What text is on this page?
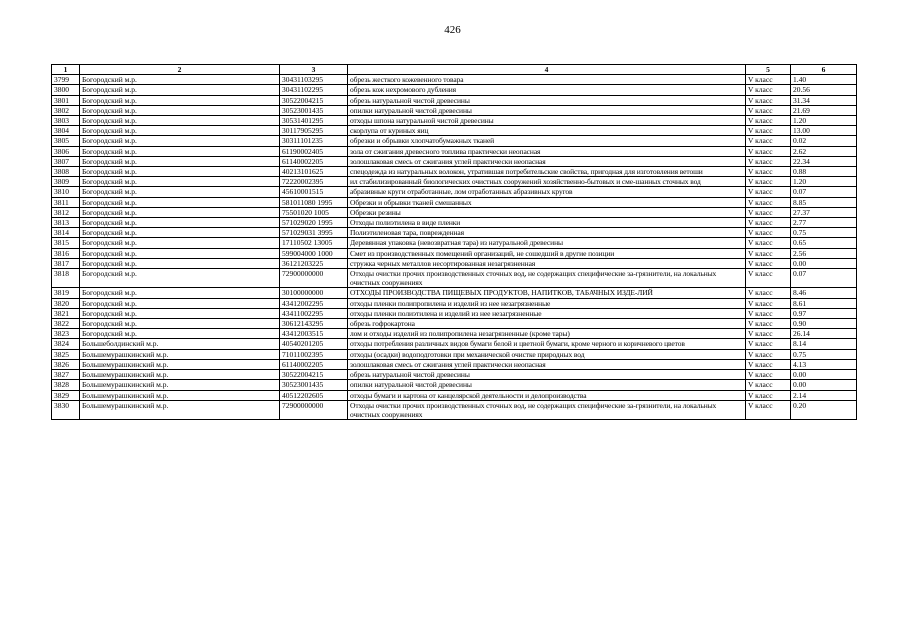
426
1	2	3	4	5	6
3799	Богородский м.р.	30431103295	обрезь жесткого кожевенного товара	V класс	1.40
3800	Богородский м.р.	30431102295	обрезь кож нехромового дубления	V класс	20.56
3801	Богородский м.р.	30522004215	обрезь натуральной чистой древесины	V класс	31.34
3802	Богородский м.р.	30523001435	опилки натуральной чистой древесины	V класс	21.69
3803	Богородский м.р.	30531401295	отходы шпона натуральной чистой древесины	V класс	1.20
3804	Богородский м.р.	30117905295	скорлупа от куриных яиц	V класс	13.00
3805	Богородский м.р.	30311101235	обрезки и обрывки хлопчатобумажных тканей	V класс	0.02
3806	Богородский м.р.	61190002405	зола от сжигания древесного топлива практически неопасная	V класс	2.62
3807	Богородский м.р.	61140002205	золошлаковая смесь от сжигания углей практически неопасная	V класс	22.34
3808	Богородский м.р.	40213101625	спецодежда из натуральных волокон, утратившая потребительские свойства, пригодная для изготовления ветоши	V класс	0.88
3809	Богородский м.р.	72220002395	ил стабилизированный биологических очистных сооружений хозяйственно-бытовых и сме-шанных сточных вод	V класс	1.20
3810	Богородский м.р.	45610001515	абразивные круги отработанные, лом отработанных абразивных кругов	V класс	0.07
3811	Богородский м.р.	581011080 1995	Обрезки и обрывки тканей смешанных	V класс	8.85
3812	Богородский м.р.	75501020 1005	Обрезки резины	V класс	27.37
3813	Богородский м.р.	571029020 1995	Отходы полиэтилена в виде пленки	V класс	2.77
3814	Богородский м.р.	571029031 3995	Полиэтиленовая тара, поврежденная	V класс	0.75
3815	Богородский м.р.	17110502 13005	Деревянная упаковка (невозвратная тара) из натуральной древесины	V класс	0.65
3816	Богородский м.р.	599004000 1000	Смет из производственных помещений организаций, не сошедший в другие позиции	V класс	2.56
3817	Богородский м.р.	36121203225	стружка черных металлов несортированная незагрязненная	V класс	0.00
3818	Богородский м.р.	72900000000	Отходы очистки прочих производственных сточных вод, не содержащих специфические за-грязнители, на локальных очистных сооружениях	V класс	0.07
3819	Богородский м.р.	30100000000	ОТХОДЫ ПРОИЗВОДСТВА ПИЩЕВЫХ ПРОДУКТОВ, НАПИТКОВ, ТАБАЧНЫХ ИЗДЕ-ЛИЙ	V класс	8.46
3820	Богородский м.р.	43412002295	отходы пленки полипропилена и изделий из нее незагрязненные	V класс	8.61
3821	Богородский м.р.	43411002295	отходы пленки полиэтилена и изделий из нее незагрязненные	V класс	0.97
3822	Богородский м.р.	30612143295	обрезь гофрокартона	V класс	0.90
3823	Богородский м.р.	43412003515	лом и отходы изделий из полипропилена незагрязненные (кроме тары)	V класс	26.14
3824	Большеболдинский м.р.	40540201205	отходы потребления различных видов бумаги белой и цветной бумаги, кроме черного и коричневого цветов	V класс	8.14
3825	Большемурашкинский м.р.	71011002395	отходы (осадки) водоподготовки при механической очистке природных вод	V класс	0.75
3826	Большемурашкинский м.р.	61140002205	золошлаковая смесь от сжигания углей практически неопасная	V класс	4.13
3827	Большемурашкинский м.р.	30522004215	обрезь натуральной чистой древесины	V класс	0.00
3828	Большемурашкинский м.р.	30523001435	опилки натуральной чистой древесины	V класс	0.00
3829	Большемурашкинский м.р.	40512202605	отходы бумаги и картона от канцелярской деятельности и делопроизводства	V класс	2.14
3830	Большемурашкинский м.р.	72900000000	Отходы очистки прочих производственных сточных вод, не содержащих специфические за-грязнители, на локальных очистных сооружениях	V класс	0.20
